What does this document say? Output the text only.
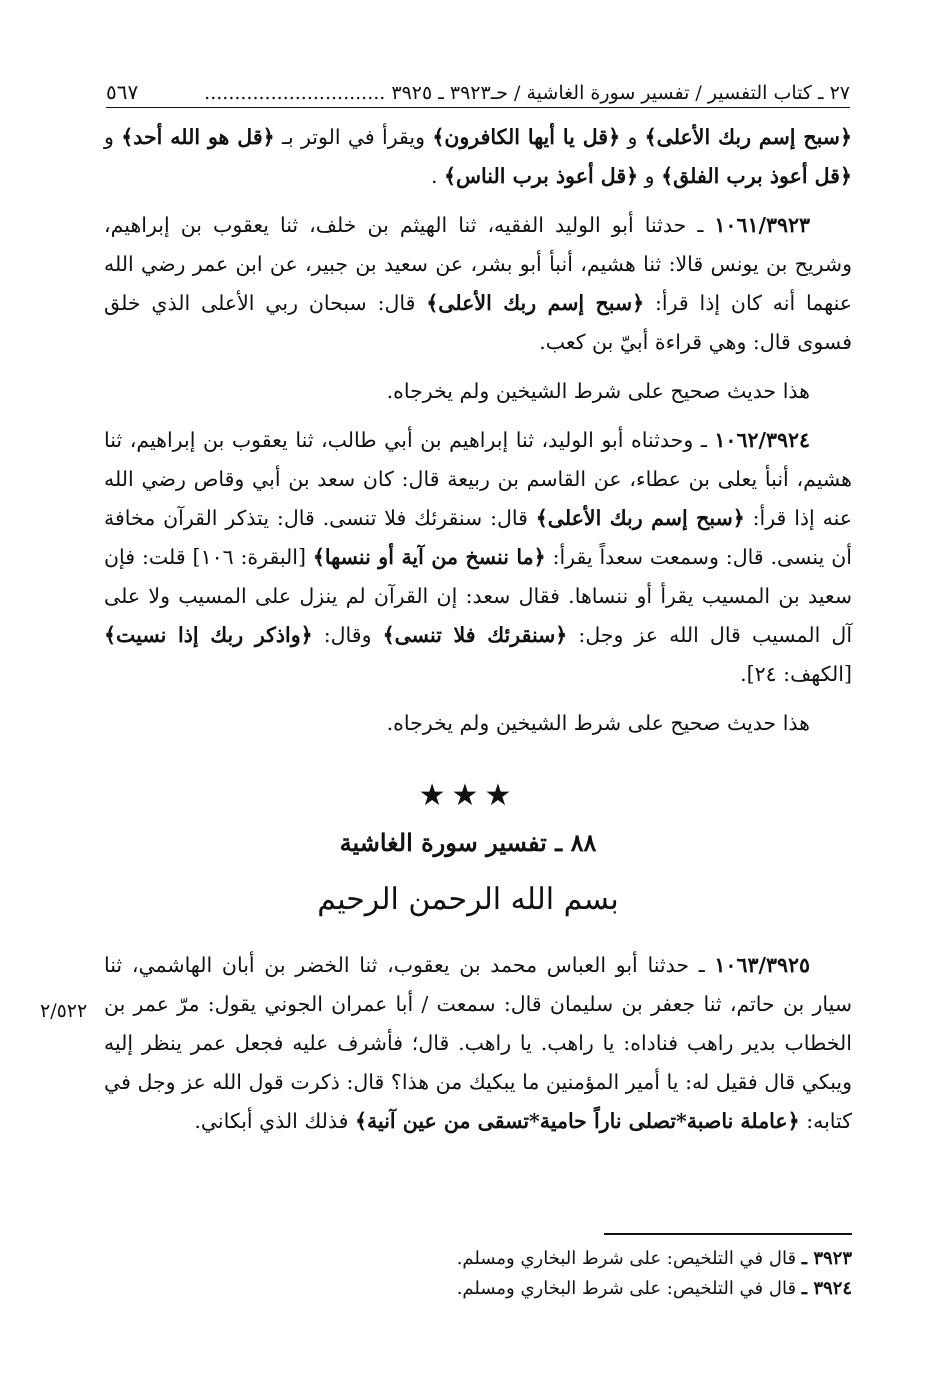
٢٧ ـ كتاب التفسير / تفسير سورة الغاشية / حـ٣٩٢٣ ـ ٣٩٢٥ ..............................
٥٦٧

﴿سبح إسم ربك الأعلى﴾ و ﴿قل يا أيها الكافرون﴾ ويقرأ في الوتر بـ ﴿قل هو الله أحد﴾ و ﴿قل أعوذ برب الفلق﴾ و ﴿قل أعوذ برب الناس﴾ .

١٠٦١/٣٩٢٣ ـ حدثنا أبو الوليد الفقيه، ثنا الهيثم بن خلف، ثنا يعقوب بن إبراهيم، وشريح بن يونس قالا: ثنا هشيم، أنبأ أبو بشر، عن سعيد بن جبير، عن ابن عمر رضي الله عنهما أنه كان إذا قرأ: ﴿سبح إسم ربك الأعلى﴾ قال: سبحان ربي الأعلى الذي خلق فسوى قال: وهي قراءة أبيّ بن كعب.

هذا حديث صحيح على شرط الشيخين ولم يخرجاه.

١٠٦٢/٣٩٢٤ ـ وحدثناه أبو الوليد، ثنا إبراهيم بن أبي طالب، ثنا يعقوب بن إبراهيم، ثنا هشيم، أنبأ يعلى بن عطاء، عن القاسم بن ربيعة قال: كان سعد بن أبي وقاص رضي الله عنه إذا قرأ: ﴿سبح إسم ربك الأعلى﴾ قال: سنقرئك فلا تنسى. قال: يتذكر القرآن مخافة أن ينسى. قال: وسمعت سعداً يقرأ: ﴿ما ننسخ من آية أو ننسها﴾ [البقرة: ١٠٦] قلت: فإن سعيد بن المسيب يقرأ أو ننساها. فقال سعد: إن القرآن لم ينزل على المسيب ولا على آل المسيب قال الله عز وجل: ﴿سنقرئك فلا تنسى﴾ وقال: ﴿واذكر ربك إذا نسيت﴾ [الكهف: ٢٤].

هذا حديث صحيح على شرط الشيخين ولم يخرجاه.

★★★
٨٨ ـ تفسير سورة الغاشية
بسم الله الرحمن الرحيم

١٠٦٣/٣٩٢٥ ـ حدثنا أبو العباس محمد بن يعقوب، ثنا الخضر بن أبان الهاشمي، ثنا سيار بن حاتم، ثنا جعفر بن سليمان قال: سمعت / أبا عمران الجوني يقول: مرّ عمر بن الخطاب بدير راهب فناداه: يا راهب. يا راهب. قال؛ فأشرف عليه فجعل عمر ينظر إليه ويبكي قال فقيل له: يا أمير المؤمنين ما يبكيك من هذا؟ قال: ذكرت قول الله عز وجل في كتابه: ﴿عاملة ناصبة*تصلى ناراً حامية*تسقى من عين آنية﴾ فذلك الذي أبكاني.

٢/٥٢٢
٣٩٢٣ ـ قال في التلخيص: على شرط البخاري ومسلم.
٣٩٢٤ ـ قال في التلخيص: على شرط البخاري ومسلم.
